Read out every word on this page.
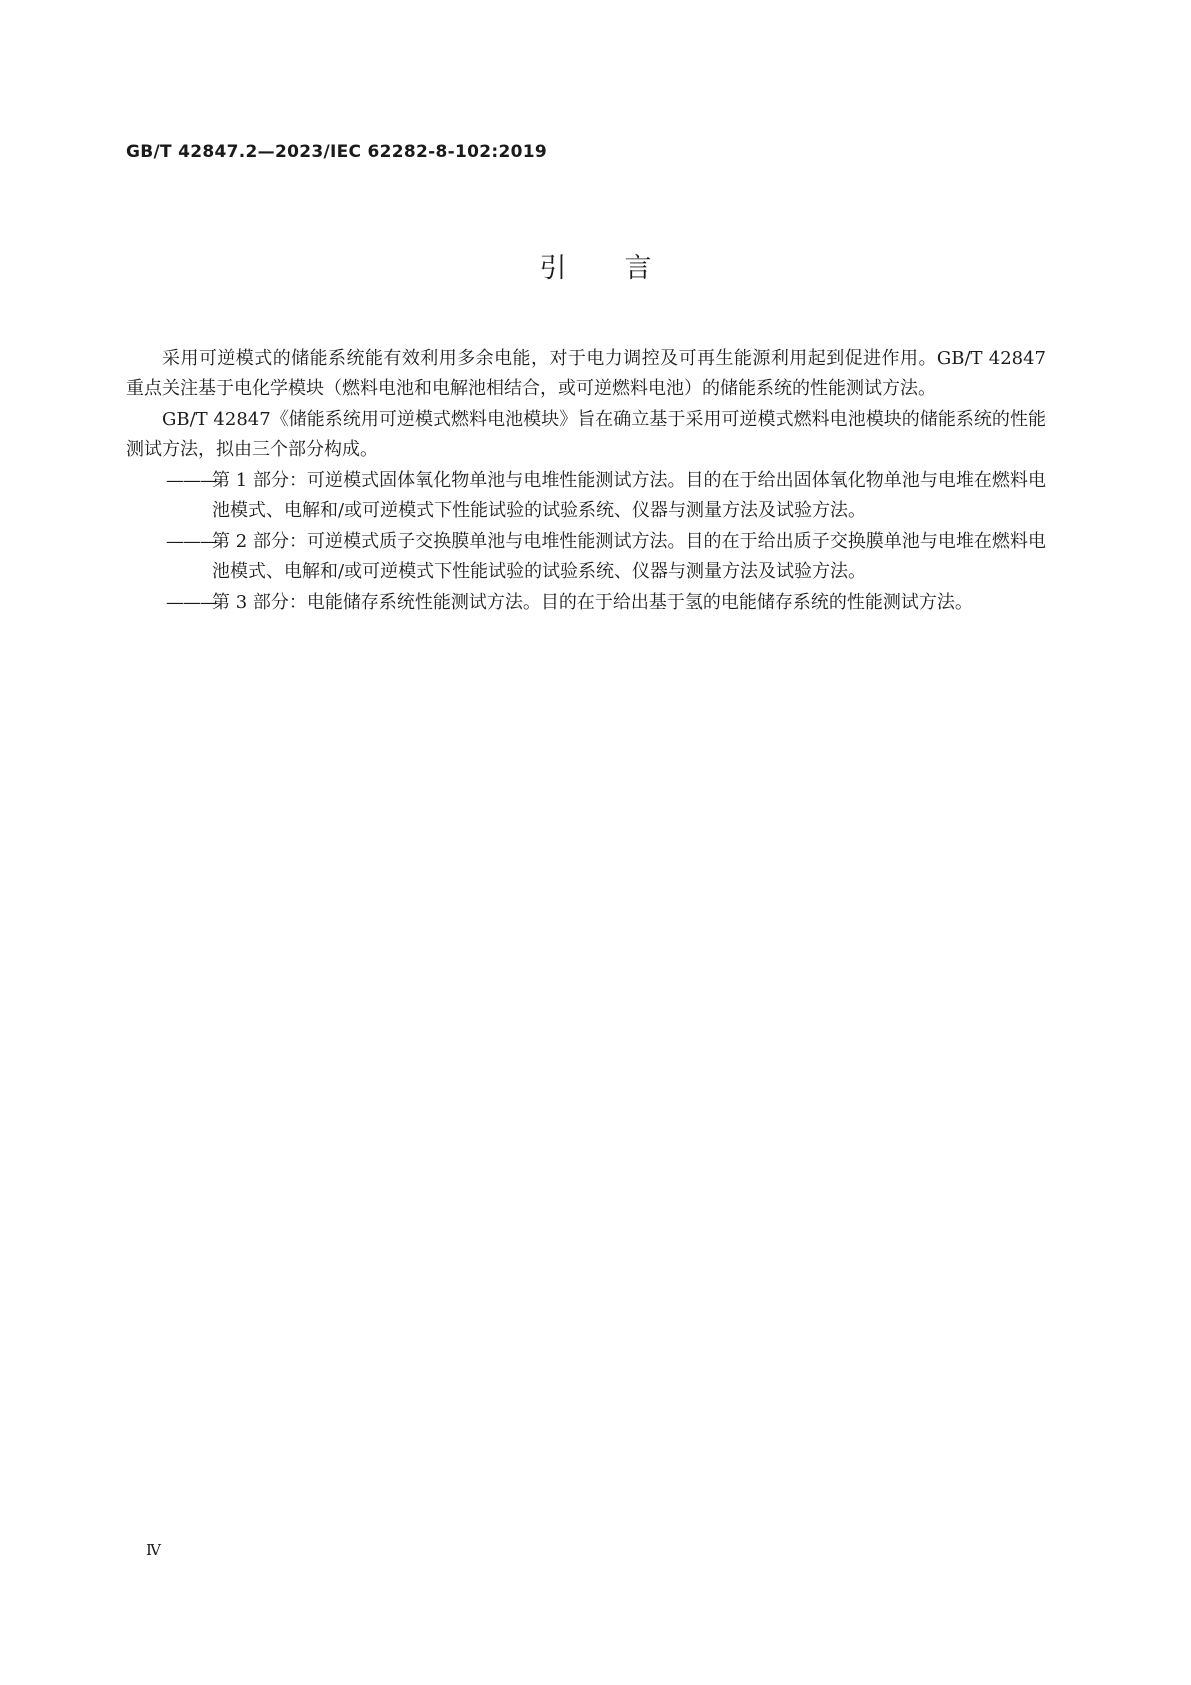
GB/T 42847.2—2023/IEC 62282-8-102:2019
引言

采用可逆模式的储能系统能有效利用多余电能，对于电力调控及可再生能源利用起到促进作用。GB/T 42847 重点关注基于电化学模块（燃料电池和电解池相结合，或可逆燃料电池）的储能系统的性能测试方法。

GB/T 42847《储能系统用可逆模式燃料电池模块》旨在确立基于采用可逆模式燃料电池模块的储能系统的性能测试方法，拟由三个部分构成。

———
第 1 部分：可逆模式固体氧化物单池与电堆性能测试方法。目的在于给出固体氧化物单池与电堆在燃料电池模式、电解和/或可逆模式下性能试验的试验系统、仪器与测量方法及试验方法。
———
第 2 部分：可逆模式质子交换膜单池与电堆性能测试方法。目的在于给出质子交换膜单池与电堆在燃料电池模式、电解和/或可逆模式下性能试验的试验系统、仪器与测量方法及试验方法。
———
第 3 部分：电能储存系统性能测试方法。目的在于给出基于氢的电能储存系统的性能测试方法。
Ⅳ
